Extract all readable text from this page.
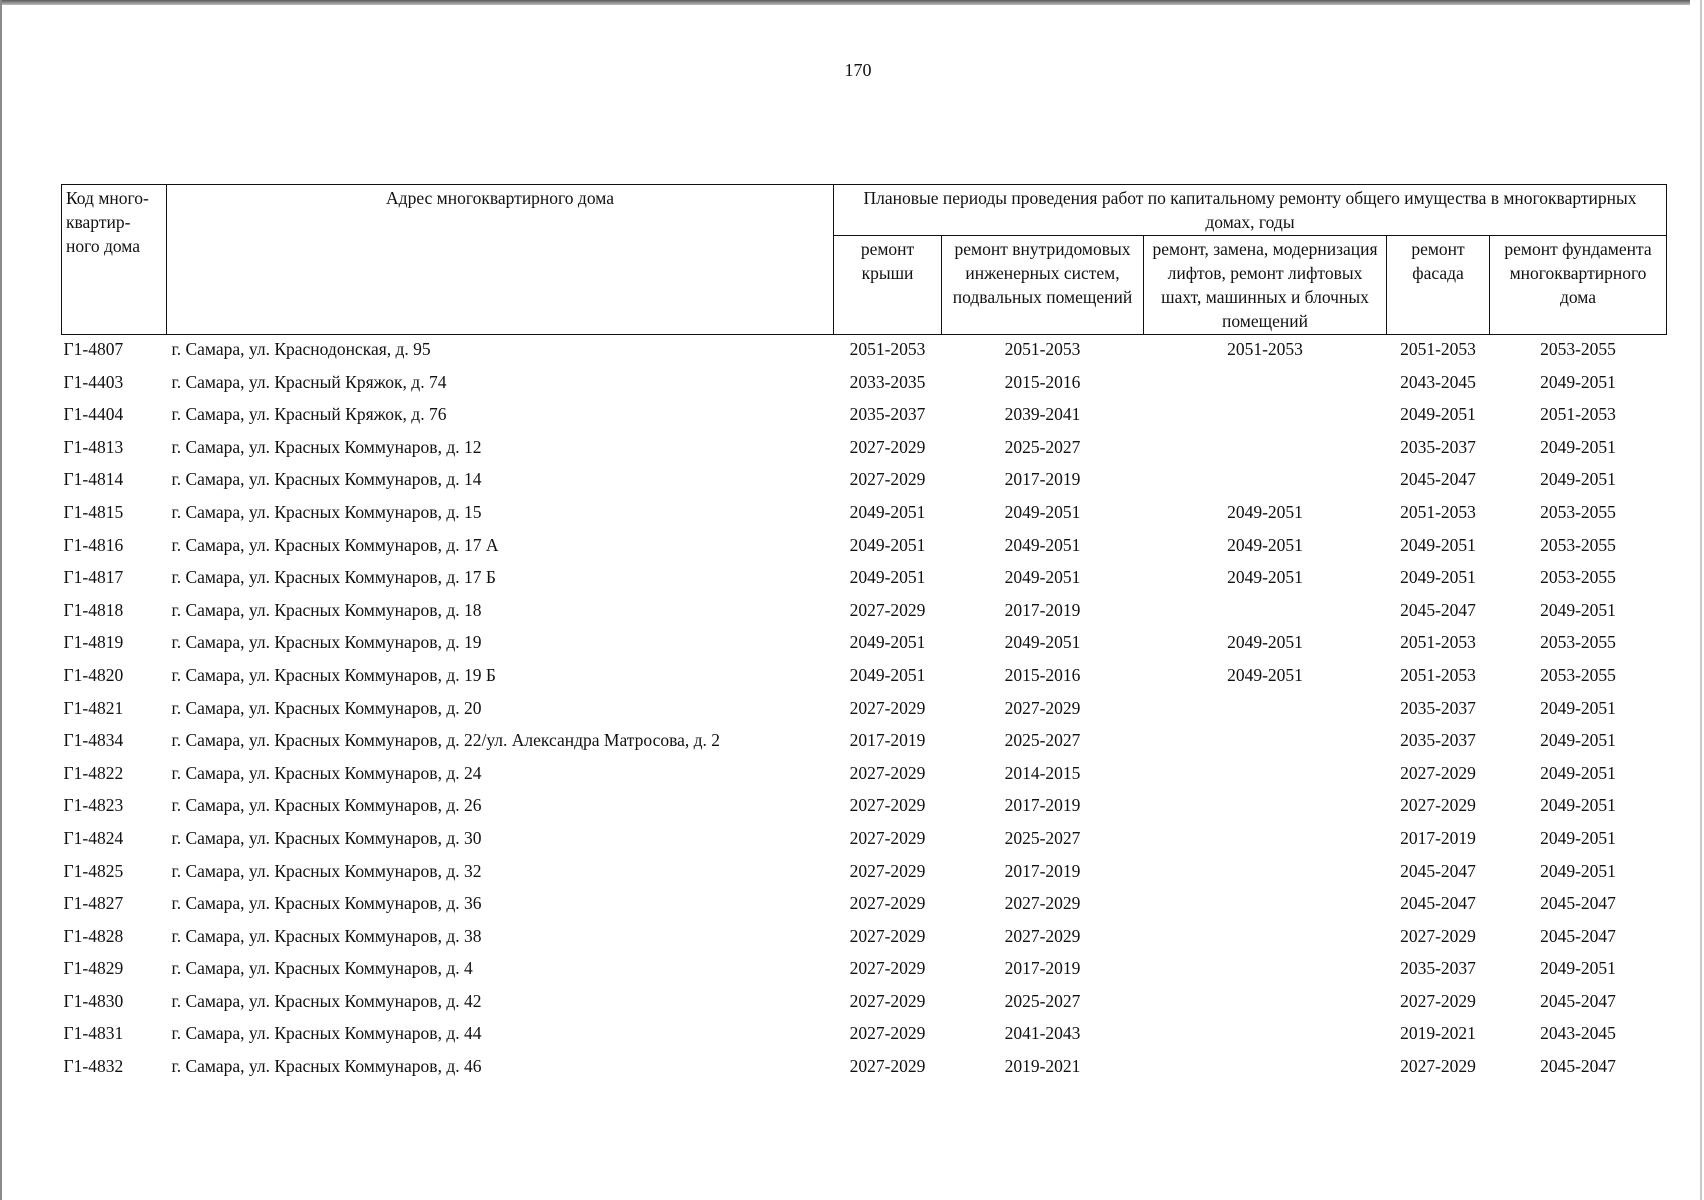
170
Код много-квартир-ного дома	Адрес многоквартирного дома	Плановые периоды проведения работ по капитальному ремонту общего имущества в многоквартирных домах, годы				
		ремонт крыши	ремонт внутридомовых инженерных систем, подвальных помещений	ремонт, замена, модернизация лифтов, ремонт лифтовых шахт, машинных и блочных помещений	ремонт фасада	ремонт фундамента многоквартирного дома
Г1-4807	г. Самара, ул. Краснодонская, д. 95	2051-2053	2051-2053	2051-2053	2051-2053	2053-2055
Г1-4403	г. Самара, ул. Красный Кряжок, д. 74	2033-2035	2015-2016		2043-2045	2049-2051
Г1-4404	г. Самара, ул. Красный Кряжок, д. 76	2035-2037	2039-2041		2049-2051	2051-2053
Г1-4813	г. Самара, ул. Красных Коммунаров, д. 12	2027-2029	2025-2027		2035-2037	2049-2051
Г1-4814	г. Самара, ул. Красных Коммунаров, д. 14	2027-2029	2017-2019		2045-2047	2049-2051
Г1-4815	г. Самара, ул. Красных Коммунаров, д. 15	2049-2051	2049-2051	2049-2051	2051-2053	2053-2055
Г1-4816	г. Самара, ул. Красных Коммунаров, д. 17 А	2049-2051	2049-2051	2049-2051	2049-2051	2053-2055
Г1-4817	г. Самара, ул. Красных Коммунаров, д. 17 Б	2049-2051	2049-2051	2049-2051	2049-2051	2053-2055
Г1-4818	г. Самара, ул. Красных Коммунаров, д. 18	2027-2029	2017-2019		2045-2047	2049-2051
Г1-4819	г. Самара, ул. Красных Коммунаров, д. 19	2049-2051	2049-2051	2049-2051	2051-2053	2053-2055
Г1-4820	г. Самара, ул. Красных Коммунаров, д. 19 Б	2049-2051	2015-2016	2049-2051	2051-2053	2053-2055
Г1-4821	г. Самара, ул. Красных Коммунаров, д. 20	2027-2029	2027-2029		2035-2037	2049-2051
Г1-4834	г. Самара, ул. Красных Коммунаров, д. 22/ул. Александра Матросова, д. 2	2017-2019	2025-2027		2035-2037	2049-2051
Г1-4822	г. Самара, ул. Красных Коммунаров, д. 24	2027-2029	2014-2015		2027-2029	2049-2051
Г1-4823	г. Самара, ул. Красных Коммунаров, д. 26	2027-2029	2017-2019		2027-2029	2049-2051
Г1-4824	г. Самара, ул. Красных Коммунаров, д. 30	2027-2029	2025-2027		2017-2019	2049-2051
Г1-4825	г. Самара, ул. Красных Коммунаров, д. 32	2027-2029	2017-2019		2045-2047	2049-2051
Г1-4827	г. Самара, ул. Красных Коммунаров, д. 36	2027-2029	2027-2029		2045-2047	2045-2047
Г1-4828	г. Самара, ул. Красных Коммунаров, д. 38	2027-2029	2027-2029		2027-2029	2045-2047
Г1-4829	г. Самара, ул. Красных Коммунаров, д. 4	2027-2029	2017-2019		2035-2037	2049-2051
Г1-4830	г. Самара, ул. Красных Коммунаров, д. 42	2027-2029	2025-2027		2027-2029	2045-2047
Г1-4831	г. Самара, ул. Красных Коммунаров, д. 44	2027-2029	2041-2043		2019-2021	2043-2045
Г1-4832	г. Самара, ул. Красных Коммунаров, д. 46	2027-2029	2019-2021		2027-2029	2045-2047
